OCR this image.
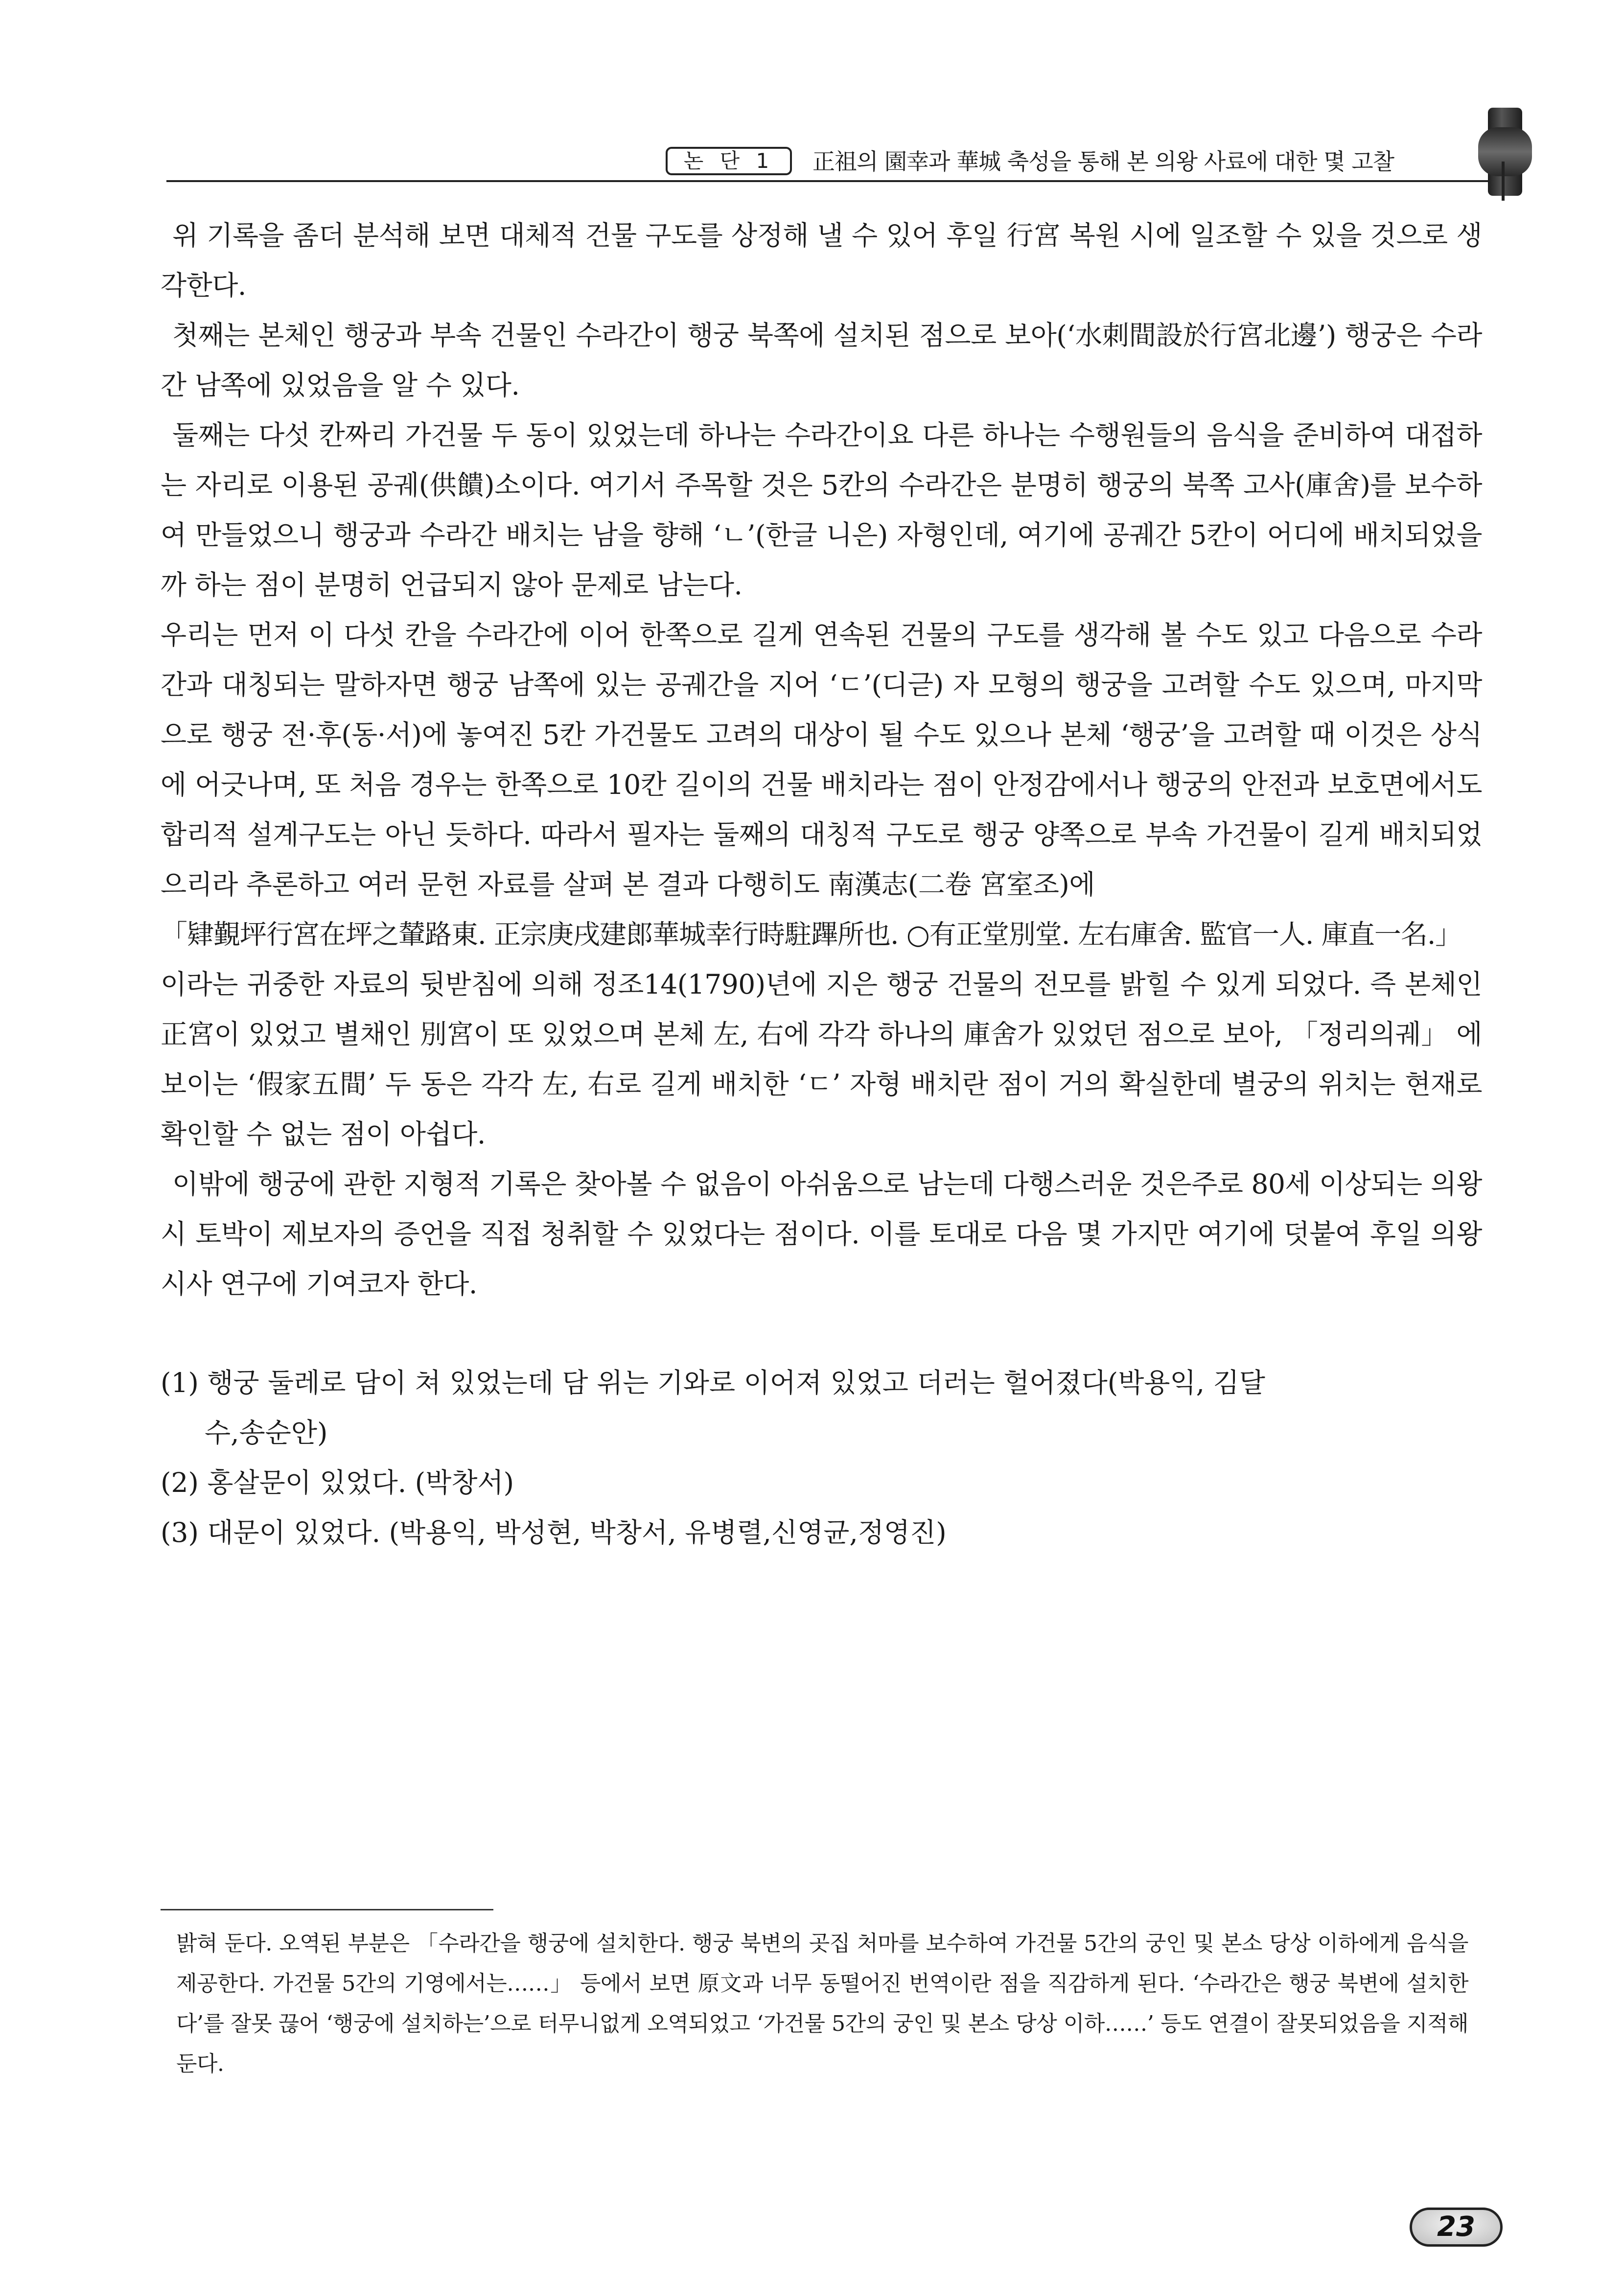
논 단 1	正祖의 園幸과 華城 축성을 통해 본 의왕 사료에 대한 몇 고찰

위 기록을 좀더 분석해 보면 대체적 건물 구도를 상정해 낼 수 있어 후일 行宮 복원 시에 일조할 수 있을 것으로 생각한다.

첫째는 본체인 행궁과 부속 건물인 수라간이 행궁 북쪽에 설치된 점으로 보아(‘水刺間設於行宮北邊’) 행궁은 수라간 남쪽에 있었음을 알 수 있다.

둘째는 다섯 칸짜리 가건물 두 동이 있었는데 하나는 수라간이요 다른 하나는 수행원들의 음식을 준비하여 대접하는 자리로 이용된 공궤(供饋)소이다. 여기서 주목할 것은 5칸의 수라간은 분명히 행궁의 북쪽 고사(庫舍)를 보수하여 만들었으니 행궁과 수라간 배치는 남을 향해 ‘ㄴ’(한글 니은) 자형인데, 여기에 공궤간 5칸이 어디에 배치되었을까 하는 점이 분명히 언급되지 않아 문제로 남는다.

우리는 먼저 이 다섯 칸을 수라간에 이어 한쪽으로 길게 연속된 건물의 구도를 생각해 볼 수도 있고 다음으로 수라간과 대칭되는 말하자면 행궁 남쪽에 있는 공궤간을 지어 ‘ㄷ’(디귿) 자 모형의 행궁을 고려할 수도 있으며, 마지막으로 행궁 전·후(동·서)에 놓여진 5칸 가건물도 고려의 대상이 될 수도 있으나 본체 ‘행궁’을 고려할 때 이것은 상식에 어긋나며, 또 처음 경우는 한쪽으로 10칸 길이의 건물 배치라는 점이 안정감에서나 행궁의 안전과 보호면에서도 합리적 설계구도는 아닌 듯하다. 따라서 필자는 둘째의 대칭적 구도로 행궁 양쪽으로 부속 가건물이 길게 배치되었으리라 추론하고 여러 문헌 자료를 살펴 본 결과 다행히도 南漢志(二卷 宮室조)에

「肄覲坪行宮在坪之輦路東. 正宗庚戌建郎華城幸行時駐蹕所也. ○有正堂別堂. 左右庫舍. 監官一人. 庫直一名.」

이라는 귀중한 자료의 뒷받침에 의해 정조14(1790)년에 지은 행궁 건물의 전모를 밝힐 수 있게 되었다. 즉 본체인 正宮이 있었고 별채인 別宮이 또 있었으며 본체 左, 右에 각각 하나의 庫舍가 있었던 점으로 보아, 「정리의궤」 에 보이는 ‘假家五間’ 두 동은 각각 左, 右로 길게 배치한 ‘ㄷ’ 자형 배치란 점이 거의 확실한데 별궁의 위치는 현재로 확인할 수 없는 점이 아쉽다.

이밖에 행궁에 관한 지형적 기록은 찾아볼 수 없음이 아쉬움으로 남는데 다행스러운 것은주로 80세 이상되는 의왕시 토박이 제보자의 증언을 직접 청취할 수 있었다는 점이다. 이를 토대로 다음 몇 가지만 여기에 덧붙여 후일 의왕시사 연구에 기여코자 한다.

(1) 행궁 둘레로 담이 쳐 있었는데 담 위는 기와로 이어져 있었고 더러는 헐어졌다(박용익, 김달

수,송순안)

(2) 홍살문이 있었다. (박창서)

(3) 대문이 있었다. (박용익, 박성현, 박창서, 유병렬,신영균,정영진)

밝혀 둔다. 오역된 부분은 「수라간을 행궁에 설치한다. 행궁 북변의 곳집 처마를 보수하여 가건물 5간의 궁인 및 본소 당상 이하에게 음식을 제공한다. 가건물 5간의 기영에서는……」 등에서 보면 原文과 너무 동떨어진 번역이란 점을 직감하게 된다. ‘수라간은 행궁 북변에 설치한다’를 잘못 끊어 ‘행궁에 설치하는’으로 터무니없게 오역되었고 ‘가건물 5간의 궁인 및 본소 당상 이하……’ 등도 연결이 잘못되었음을 지적해 둔다.

23
